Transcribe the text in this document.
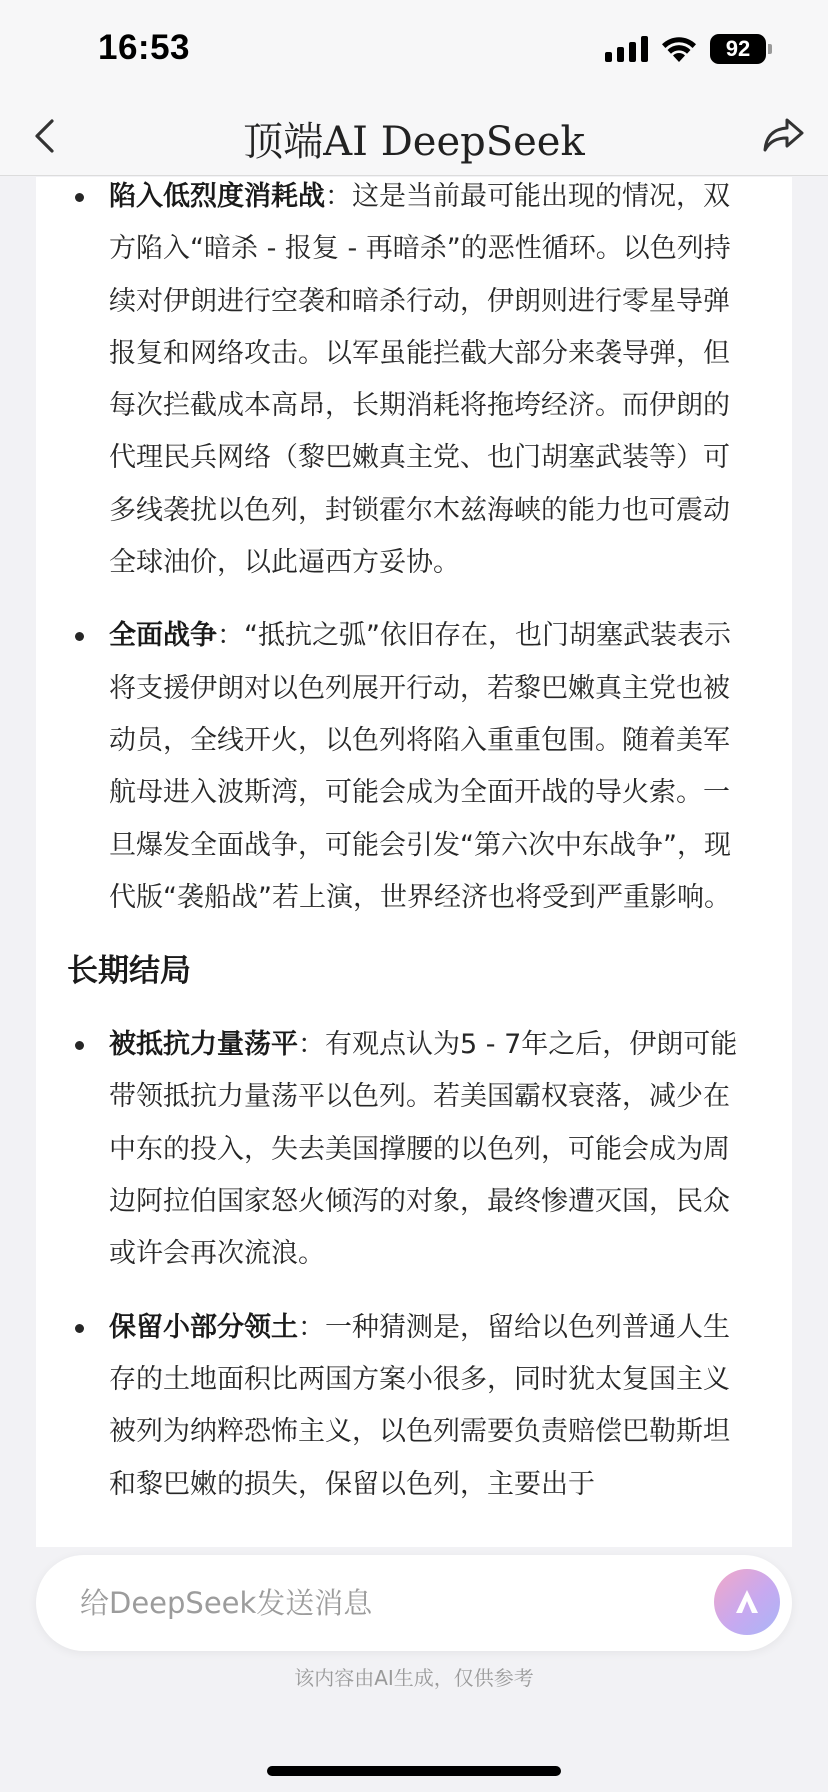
16:53	92
顶端AI DeepSeek
陷入低烈度消耗战：这是当前最可能出现的情况，双方陷入“暗杀 - 报复 - 再暗杀”的恶性循环。以色列持续对伊朗进行空袭和暗杀行动，伊朗则进行零星导弹报复和网络攻击。以军虽能拦截大部分来袭导弹，但每次拦截成本高昂，长期消耗将拖垮经济。而伊朗的代理民兵网络（黎巴嫩真主党、也门胡塞武装等）可多线袭扰以色列，封锁霍尔木兹海峡的能力也可震动全球油价，以此逼西方妥协。
全面战争：“抵抗之弧”依旧存在，也门胡塞武装表示将支援伊朗对以色列展开行动，若黎巴嫩真主党也被动员，全线开火，以色列将陷入重重包围。随着美军航母进入波斯湾，可能会成为全面开战的导火索。一旦爆发全面战争，可能会引发“第六次中东战争”，现代版“袭船战”若上演，世界经济也将受到严重影响。
长期结局
被抵抗力量荡平：有观点认为5 - 7年之后，伊朗可能带领抵抗力量荡平以色列。若美国霸权衰落，减少在中东的投入，失去美国撑腰的以色列，可能会成为周边阿拉伯国家怒火倾泻的对象，最终惨遭灭国，民众或许会再次流浪。
保留小部分领土：一种猜测是，留给以色列普通人生存的土地面积比两国方案小很多，同时犹太复国主义被列为纳粹恐怖主义，以色列需要负责赔偿巴勒斯坦和黎巴嫩的损失，保留以色列，主要出于
给DeepSeek发送消息
该内容由AI生成，仅供参考
